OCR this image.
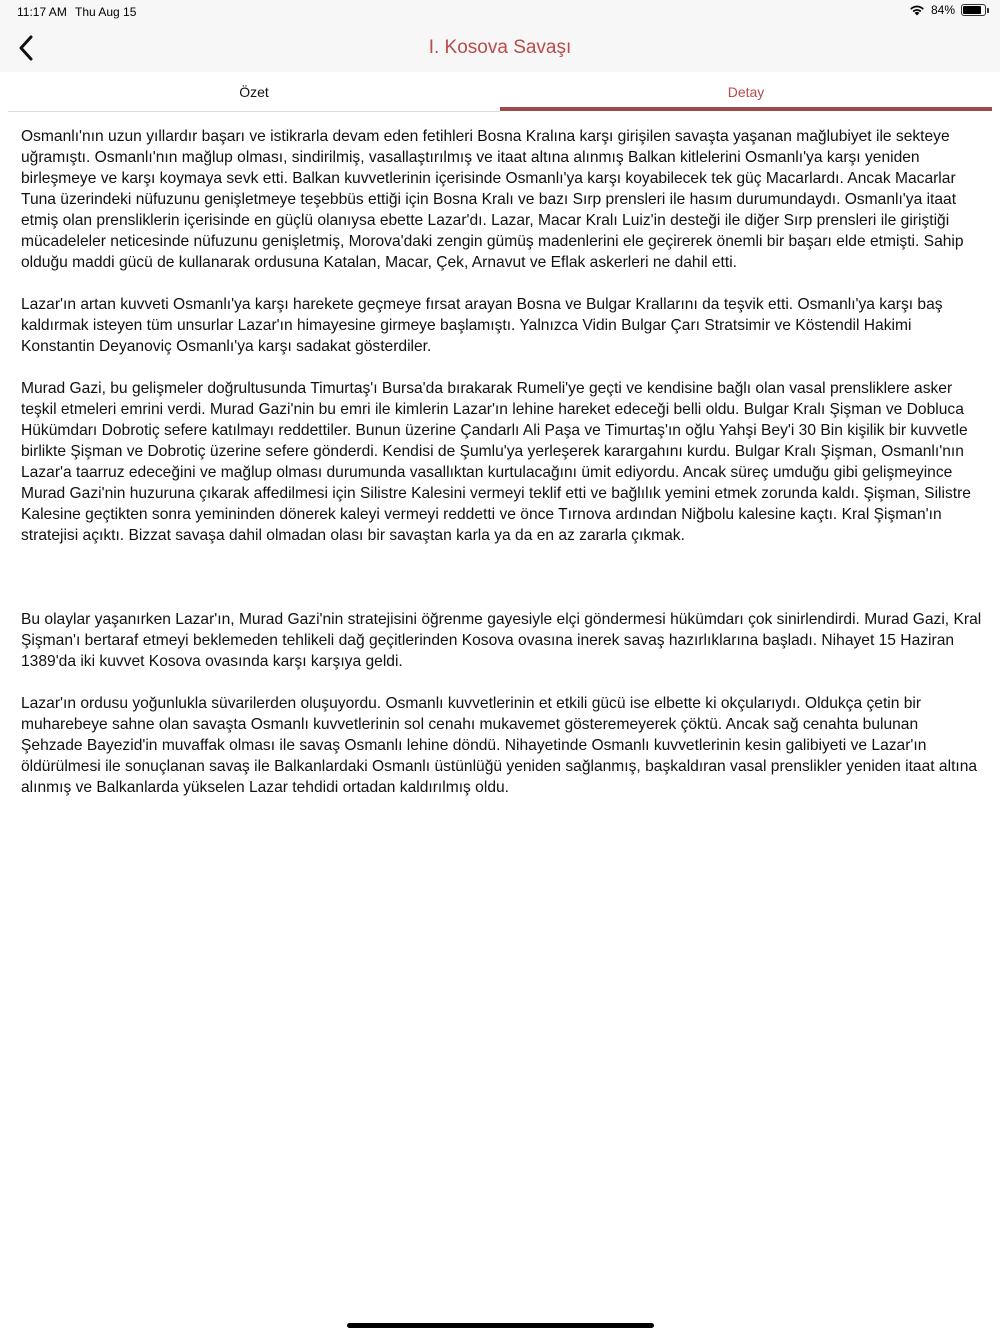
11:17 AM Thu Aug 15	84%
I. Kosova Savaşı
Özet	Detay

Osmanlı'nın uzun yıllardır başarı ve istikrarla devam eden fetihleri Bosna Kralına karşı girişilen savaşta yaşanan mağlubiyet ile sekteye uğramıştı. Osmanlı'nın mağlup olması, sindirilmiş, vasallaştırılmış ve itaat altına alınmış Balkan kitlelerini Osmanlı'ya karşı yeniden birleşmeye ve karşı koymaya sevk etti. Balkan kuvvetlerinin içerisinde Osmanlı'ya karşı koyabilecek tek güç Macarlardı. Ancak Macarlar Tuna üzerindeki nüfuzunu genişletmeye teşebbüs ettiği için Bosna Kralı ve bazı Sırp prensleri ile hasım durumundaydı. Osmanlı'ya itaat etmiş olan prensliklerin içerisinde en güçlü olanıysa ebette Lazar'dı. Lazar, Macar Kralı Luiz'in desteği ile diğer Sırp prensleri ile giriştiği mücadeleler neticesinde nüfuzunu genişletmiş, Morova'daki zengin gümüş madenlerini ele geçirerek önemli bir başarı elde etmişti. Sahip olduğu maddi gücü de kullanarak ordusuna Katalan, Macar, Çek, Arnavut ve Eflak askerleri ne dahil etti.

Lazar'ın artan kuvveti Osmanlı'ya karşı harekete geçmeye fırsat arayan Bosna ve Bulgar Krallarını da teşvik etti. Osmanlı'ya karşı baş kaldırmak isteyen tüm unsurlar Lazar'ın himayesine girmeye başlamıştı. Yalnızca Vidin Bulgar Çarı Stratsimir ve Köstendil Hakimi Konstantin Deyanoviç Osmanlı'ya karşı sadakat gösterdiler.

Murad Gazi, bu gelişmeler doğrultusunda Timurtaş'ı Bursa'da bırakarak Rumeli'ye geçti ve kendisine bağlı olan vasal prensliklere asker teşkil etmeleri emrini verdi. Murad Gazi'nin bu emri ile kimlerin Lazar'ın lehine hareket edeceği belli oldu. Bulgar Kralı Şişman ve Dobluca Hükümdarı Dobrotiç sefere katılmayı reddettiler. Bunun üzerine Çandarlı Ali Paşa ve Timurtaş'ın oğlu Yahşi Bey'i 30 Bin kişilik bir kuvvetle birlikte Şişman ve Dobrotiç üzerine sefere gönderdi. Kendisi de Şumlu'ya yerleşerek karargahını kurdu. Bulgar Kralı Şişman, Osmanlı'nın Lazar'a taarruz edeceğini ve mağlup olması durumunda vasallıktan kurtulacağını ümit ediyordu. Ancak süreç umduğu gibi gelişmeyince Murad Gazi'nin huzuruna çıkarak affedilmesi için Silistre Kalesini vermeyi teklif etti ve bağlılık yemini etmek zorunda kaldı. Şişman, Silistre Kalesine geçtikten sonra yemininden dönerek kaleyi vermeyi reddetti ve önce Tırnova ardından Niğbolu kalesine kaçtı. Kral Şişman'ın stratejisi açıktı. Bizzat savaşa dahil olmadan olası bir savaştan karla ya da en az zararla çıkmak.

Bu olaylar yaşanırken Lazar'ın, Murad Gazi'nin stratejisini öğrenme gayesiyle elçi göndermesi hükümdarı çok sinirlendirdi. Murad Gazi, Kral Şişman'ı bertaraf etmeyi beklemeden tehlikeli dağ geçitlerinden Kosova ovasına inerek savaş hazırlıklarına başladı. Nihayet 15 Haziran 1389'da iki kuvvet Kosova ovasında karşı karşıya geldi.

Lazar'ın ordusu yoğunlukla süvarilerden oluşuyordu. Osmanlı kuvvetlerinin et etkili gücü ise elbette ki okçularıydı. Oldukça çetin bir muharebeye sahne olan savaşta Osmanlı kuvvetlerinin sol cenahı mukavemet gösteremeyerek çöktü. Ancak sağ cenahta bulunan Şehzade Bayezid'in muvaffak olması ile savaş Osmanlı lehine döndü. Nihayetinde Osmanlı kuvvetlerinin kesin galibiyeti ve Lazar'ın öldürülmesi ile sonuçlanan savaş ile Balkanlardaki Osmanlı üstünlüğü yeniden sağlanmış, başkaldıran vasal prenslikler yeniden itaat altına alınmış ve Balkanlarda yükselen Lazar tehdidi ortadan kaldırılmış oldu.
